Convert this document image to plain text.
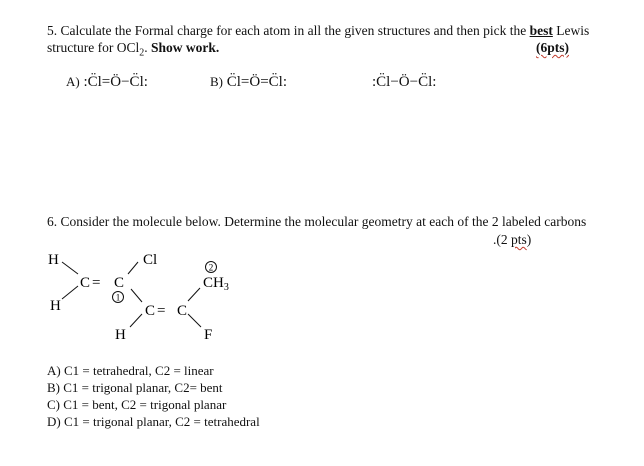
5. Calculate the Formal charge for each atom in all the given structures and then pick the best Lewis
structure for OCl$_2$. Show work.	(6pts)
A) :C̈l=Ö−C̈l:	B) C̈l=Ö=C̈l:	:C̈l−Ö−C̈l:
6. Consider the molecule below. Determine the molecular geometry at each of the 2 labeled carbons
.(2 pts)
H	Cl
C = C
H
1
C = C
H
2
$CH_3$
F
A) C1 = tetrahedral, C2 = linear
B) C1 = trigonal planar, C2= bent
C) C1 = bent, C2 = trigonal planar
D) C1 = trigonal planar, C2 = tetrahedral
